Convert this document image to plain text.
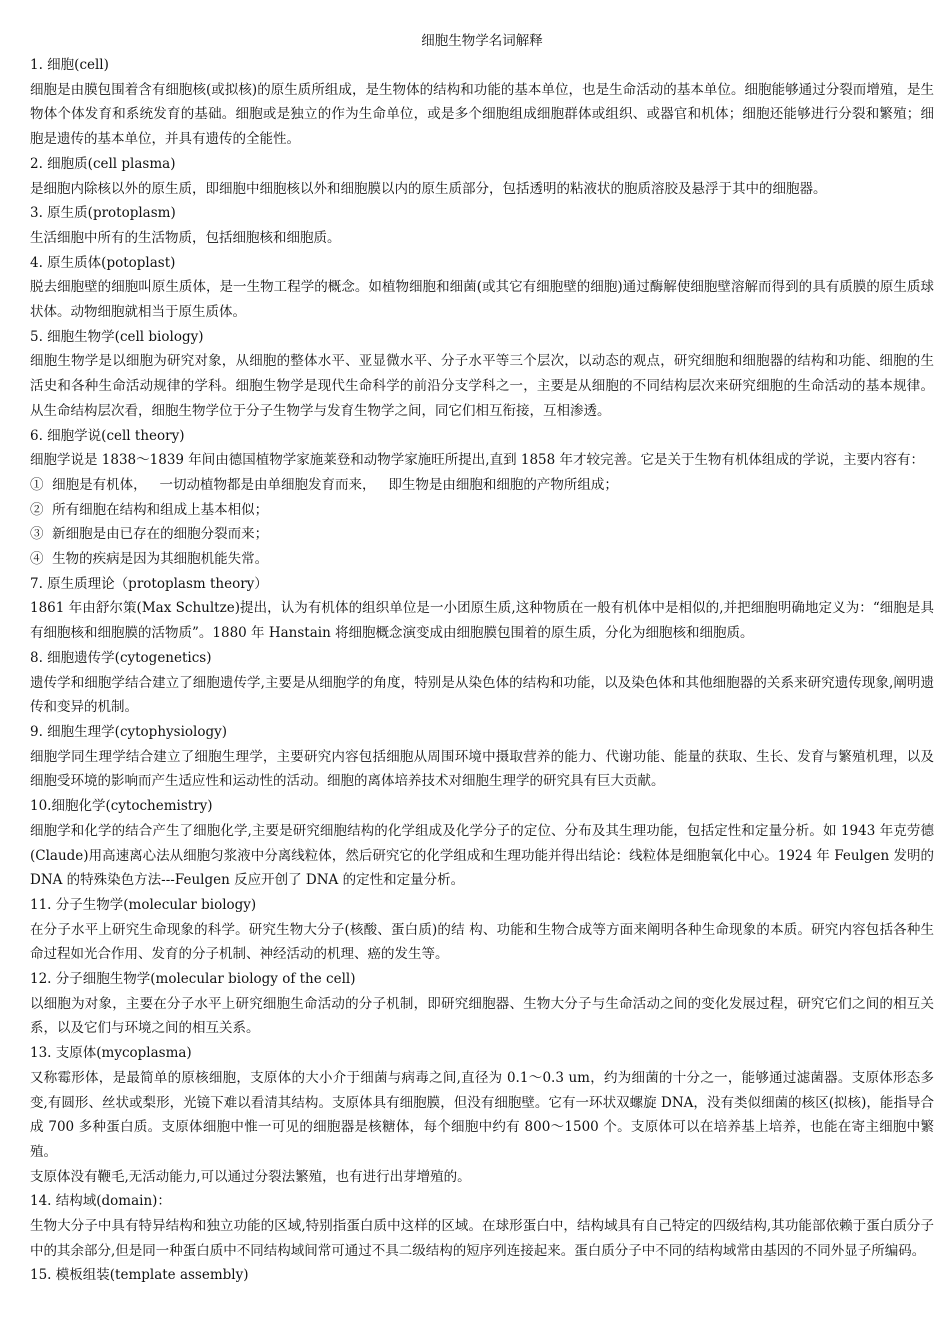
细胞生物学名词解释

1. 细胞(cell)

细胞是由膜包围着含有细胞核(或拟核)的原生质所组成，是生物体的结构和功能的基本单位，也是生命活动的基本单位。细胞能够通过分裂而增殖，是生物体个体发育和系统发育的基础。细胞或是独立的作为生命单位，或是多个细胞组成细胞群体或组织、或器官和机体；细胞还能够进行分裂和繁殖；细胞是遗传的基本单位，并具有遗传的全能性。

2. 细胞质(cell plasma)

是细胞内除核以外的原生质，即细胞中细胞核以外和细胞膜以内的原生质部分，包括透明的粘液状的胞质溶胶及悬浮于其中的细胞器。

3. 原生质(protoplasm)

生活细胞中所有的生活物质，包括细胞核和细胞质。

4. 原生质体(potoplast)

脱去细胞壁的细胞叫原生质体，是一生物工程学的概念。如植物细胞和细菌(或其它有细胞壁的细胞)通过酶解使细胞壁溶解而得到的具有质膜的原生质球状体。动物细胞就相当于原生质体。

5. 细胞生物学(cell biology)

细胞生物学是以细胞为研究对象，从细胞的整体水平、亚显微水平、分子水平等三个层次，以动态的观点，研究细胞和细胞器的结构和功能、细胞的生活史和各种生命活动规律的学科。细胞生物学是现代生命科学的前沿分支学科之一，主要是从细胞的不同结构层次来研究细胞的生命活动的基本规律。从生命结构层次看，细胞生物学位于分子生物学与发育生物学之间，同它们相互衔接，互相渗透。

6. 细胞学说(cell theory)

细胞学说是 1838～1839 年间由德国植物学家施莱登和动物学家施旺所提出,直到 1858 年才较完善。它是关于生物有机体组成的学说，主要内容有：

①  细胞是有机体，   一切动植物都是由单细胞发育而来，   即生物是由细胞和细胞的产物所组成；

②  所有细胞在结构和组成上基本相似；

③  新细胞是由已存在的细胞分裂而来；

④  生物的疾病是因为其细胞机能失常。

7. 原生质理论（protoplasm theory）

1861 年由舒尔策(Max Schultze)提出，认为有机体的组织单位是一小团原生质,这种物质在一般有机体中是相似的,并把细胞明确地定义为：“细胞是具有细胞核和细胞膜的活物质”。1880 年 Hanstain 将细胞概念演变成由细胞膜包围着的原生质，分化为细胞核和细胞质。

8. 细胞遗传学(cytogenetics)

遗传学和细胞学结合建立了细胞遗传学,主要是从细胞学的角度，特别是从染色体的结构和功能，以及染色体和其他细胞器的关系来研究遗传现象,阐明遗传和变异的机制。

9. 细胞生理学(cytophysiology)

细胞学同生理学结合建立了细胞生理学，主要研究内容包括细胞从周围环境中摄取营养的能力、代谢功能、能量的获取、生长、发育与繁殖机理，以及细胞受环境的影响而产生适应性和运动性的活动。细胞的离体培养技术对细胞生理学的研究具有巨大贡献。

10.细胞化学(cytochemistry)

细胞学和化学的结合产生了细胞化学,主要是研究细胞结构的化学组成及化学分子的定位、分布及其生理功能，包括定性和定量分析。如 1943 年克劳德(Claude)用高速离心法从细胞匀浆液中分离线粒体，然后研究它的化学组成和生理功能并得出结论：线粒体是细胞氧化中心。1924 年 Feulgen 发明的 DNA 的特殊染色方法---Feulgen 反应开创了 DNA 的定性和定量分析。

11. 分子生物学(molecular biology)

在分子水平上研究生命现象的科学。研究生物大分子(核酸、蛋白质)的结 构、功能和生物合成等方面来阐明各种生命现象的本质。研究内容包括各种生命过程如光合作用、发育的分子机制、神经活动的机理、癌的发生等。

12. 分子细胞生物学(molecular biology of the cell)

以细胞为对象，主要在分子水平上研究细胞生命活动的分子机制，即研究细胞器、生物大分子与生命活动之间的变化发展过程，研究它们之间的相互关系，以及它们与环境之间的相互关系。

13. 支原体(mycoplasma)

又称霉形体，是最简单的原核细胞，支原体的大小介于细菌与病毒之间,直径为 0.1～0.3 um，约为细菌的十分之一，能够通过滤菌器。支原体形态多变,有圆形、丝状或梨形，光镜下难以看清其结构。支原体具有细胞膜，但没有细胞壁。它有一环状双螺旋 DNA，没有类似细菌的核区(拟核)，能指导合成 700 多种蛋白质。支原体细胞中惟一可见的细胞器是核糖体，每个细胞中约有 800～1500 个。支原体可以在培养基上培养，也能在寄主细胞中繁殖。

支原体没有鞭毛,无活动能力,可以通过分裂法繁殖，也有进行出芽增殖的。

14. 结构域(domain)：

生物大分子中具有特异结构和独立功能的区域,特别指蛋白质中这样的区域。在球形蛋白中，结构域具有自己特定的四级结构,其功能部依赖于蛋白质分子中的其余部分,但是同一种蛋白质中不同结构域间常可通过不具二级结构的短序列连接起来。蛋白质分子中不同的结构域常由基因的不同外显子所编码。

15. 模板组装(template assembly)
